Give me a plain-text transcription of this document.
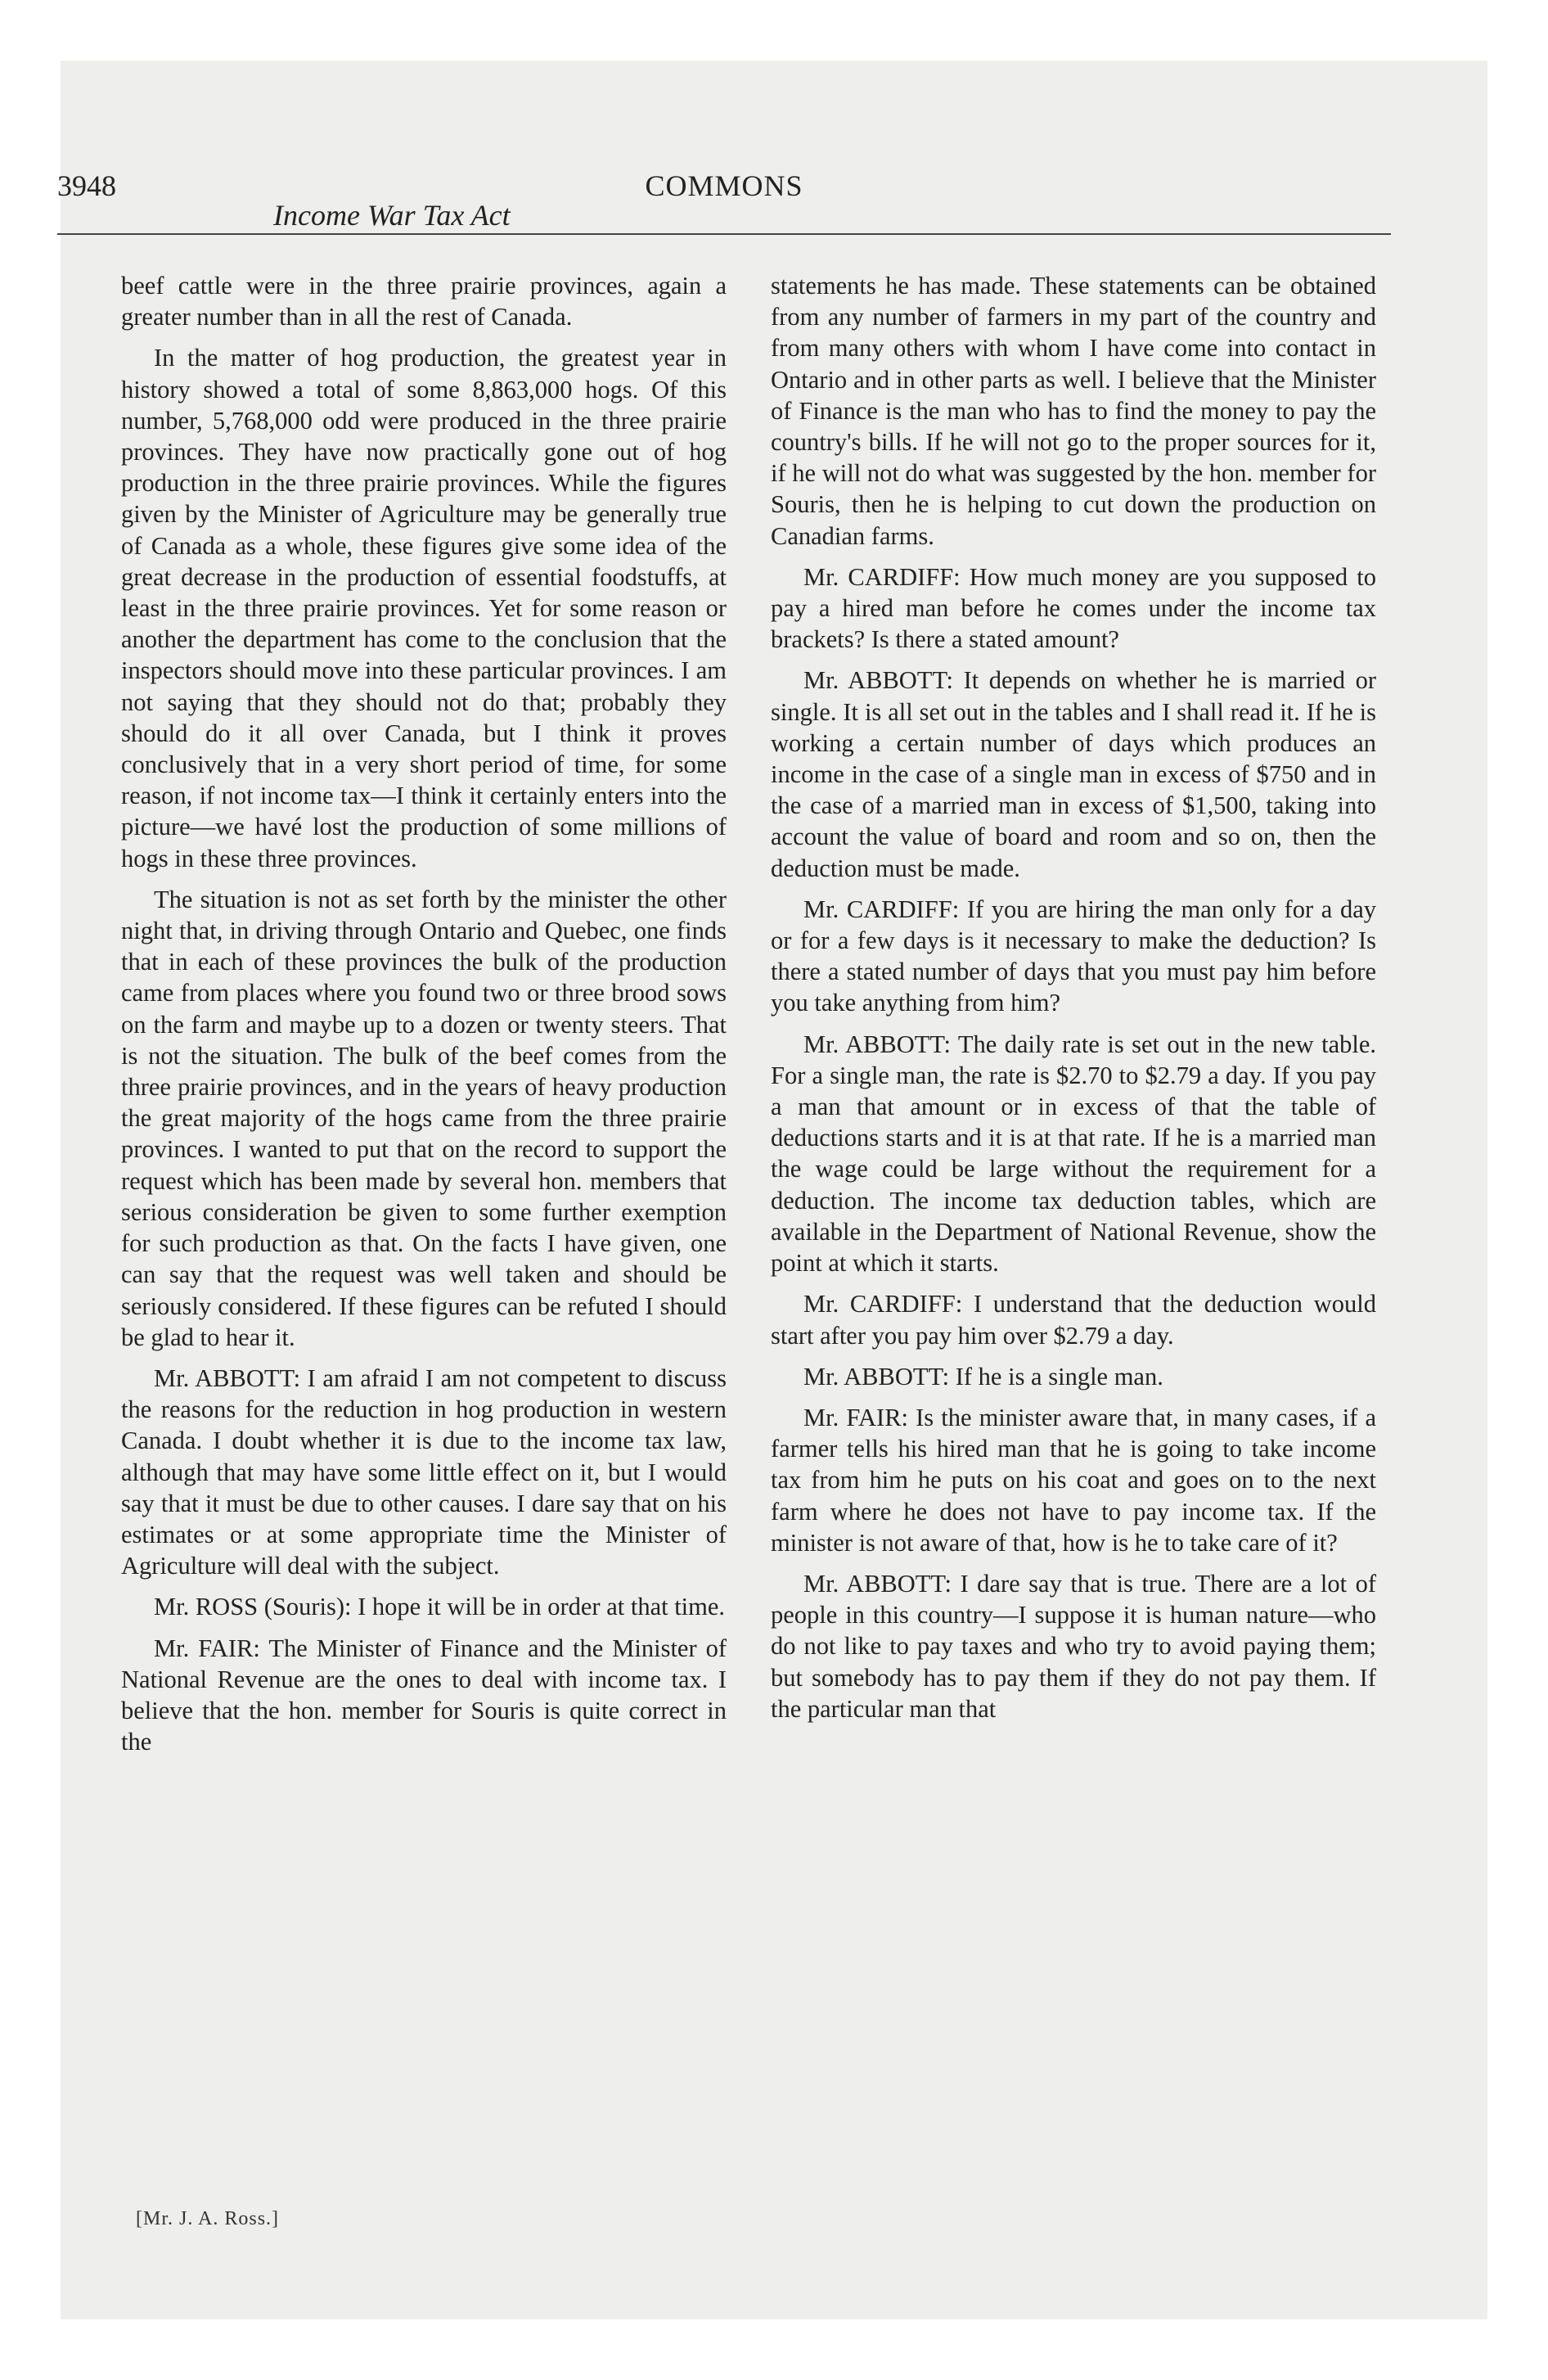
3948	COMMONS
Income War Tax Act

beef cattle were in the three prairie provinces, again a greater number than in all the rest of Canada.

In the matter of hog production, the greatest year in history showed a total of some 8,863,000 hogs. Of this number, 5,768,000 odd were produced in the three prairie provinces. They have now practically gone out of hog production in the three prairie provinces. While the figures given by the Minister of Agriculture may be generally true of Canada as a whole, these figures give some idea of the great decrease in the production of essential foodstuffs, at least in the three prairie provinces. Yet for some reason or another the department has come to the conclusion that the inspectors should move into these particular provinces. I am not saying that they should not do that; probably they should do it all over Canada, but I think it proves conclusively that in a very short period of time, for some reason, if not income tax—I think it certainly enters into the picture—we havé lost the production of some millions of hogs in these three provinces.

The situation is not as set forth by the minister the other night that, in driving through Ontario and Quebec, one finds that in each of these provinces the bulk of the production came from places where you found two or three brood sows on the farm and maybe up to a dozen or twenty steers. That is not the situation. The bulk of the beef comes from the three prairie provinces, and in the years of heavy production the great majority of the hogs came from the three prairie provinces. I wanted to put that on the record to support the request which has been made by several hon. members that serious consideration be given to some further exemption for such production as that. On the facts I have given, one can say that the request was well taken and should be seriously considered. If these figures can be refuted I should be glad to hear it.

Mr. ABBOTT: I am afraid I am not competent to discuss the reasons for the reduction in hog production in western Canada. I doubt whether it is due to the income tax law, although that may have some little effect on it, but I would say that it must be due to other causes. I dare say that on his estimates or at some appropriate time the Minister of Agriculture will deal with the subject.

Mr. ROSS (Souris): I hope it will be in order at that time.

Mr. FAIR: The Minister of Finance and the Minister of National Revenue are the ones to deal with income tax. I believe that the hon. member for Souris is quite correct in the

statements he has made. These statements can be obtained from any number of farmers in my part of the country and from many others with whom I have come into contact in Ontario and in other parts as well. I believe that the Minister of Finance is the man who has to find the money to pay the country's bills. If he will not go to the proper sources for it, if he will not do what was suggested by the hon. member for Souris, then he is helping to cut down the production on Canadian farms.

Mr. CARDIFF: How much money are you supposed to pay a hired man before he comes under the income tax brackets? Is there a stated amount?

Mr. ABBOTT: It depends on whether he is married or single. It is all set out in the tables and I shall read it. If he is working a certain number of days which produces an income in the case of a single man in excess of $750 and in the case of a married man in excess of $1,500, taking into account the value of board and room and so on, then the deduction must be made.

Mr. CARDIFF: If you are hiring the man only for a day or for a few days is it necessary to make the deduction? Is there a stated number of days that you must pay him before you take anything from him?

Mr. ABBOTT: The daily rate is set out in the new table. For a single man, the rate is $2.70 to $2.79 a day. If you pay a man that amount or in excess of that the table of deductions starts and it is at that rate. If he is a married man the wage could be large without the requirement for a deduction. The income tax deduction tables, which are available in the Department of National Revenue, show the point at which it starts.

Mr. CARDIFF: I understand that the deduction would start after you pay him over $2.79 a day.

Mr. ABBOTT: If he is a single man.

Mr. FAIR: Is the minister aware that, in many cases, if a farmer tells his hired man that he is going to take income tax from him he puts on his coat and goes on to the next farm where he does not have to pay income tax. If the minister is not aware of that, how is he to take care of it?

Mr. ABBOTT: I dare say that is true. There are a lot of people in this country—I suppose it is human nature—who do not like to pay taxes and who try to avoid paying them; but somebody has to pay them if they do not pay them. If the particular man that

[Mr. J. A. Ross.]
